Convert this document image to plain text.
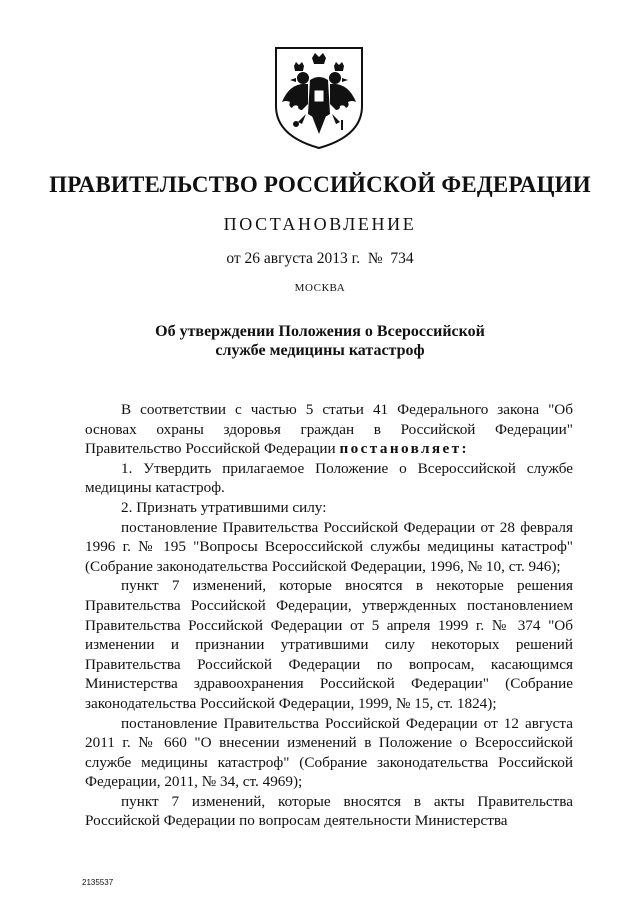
ПРАВИТЕЛЬСТВО РОССИЙСКОЙ ФЕДЕРАЦИИ
ПОСТАНОВЛЕНИЕ
от 26 августа 2013 г.  №  734
МОСКВА
Об утверждении Положения о Всероссийской
службе медицины катастроф

В соответствии с частью 5 статьи 41 Федерального закона "Об основах охраны здоровья граждан в Российской Федерации" Правительство Российской Федерации постановляет:

1. Утвердить прилагаемое Положение о Всероссийской службе медицины катастроф.

2. Признать утратившими силу:

постановление Правительства Российской Федерации от 28 февраля 1996 г. № 195 "Вопросы Всероссийской службы медицины катастроф" (Собрание законодательства Российской Федерации, 1996, № 10, ст. 946);

пункт 7 изменений, которые вносятся в некоторые решения Правительства Российской Федерации, утвержденных постановлением Правительства Российской Федерации от 5 апреля 1999 г. № 374 "Об изменении и признании утратившими силу некоторых решений Правительства Российской Федерации по вопросам, касающимся Министерства здравоохранения Российской Федерации" (Собрание законодательства Российской Федерации, 1999, № 15, ст. 1824);

постановление Правительства Российской Федерации от 12 августа 2011 г. № 660 "О внесении изменений в Положение о Всероссийской службе медицины катастроф" (Собрание законодательства Российской Федерации, 2011, № 34, ст. 4969);

пункт 7 изменений, которые вносятся в акты Правительства Российской Федерации по вопросам деятельности Министерства

2135537
